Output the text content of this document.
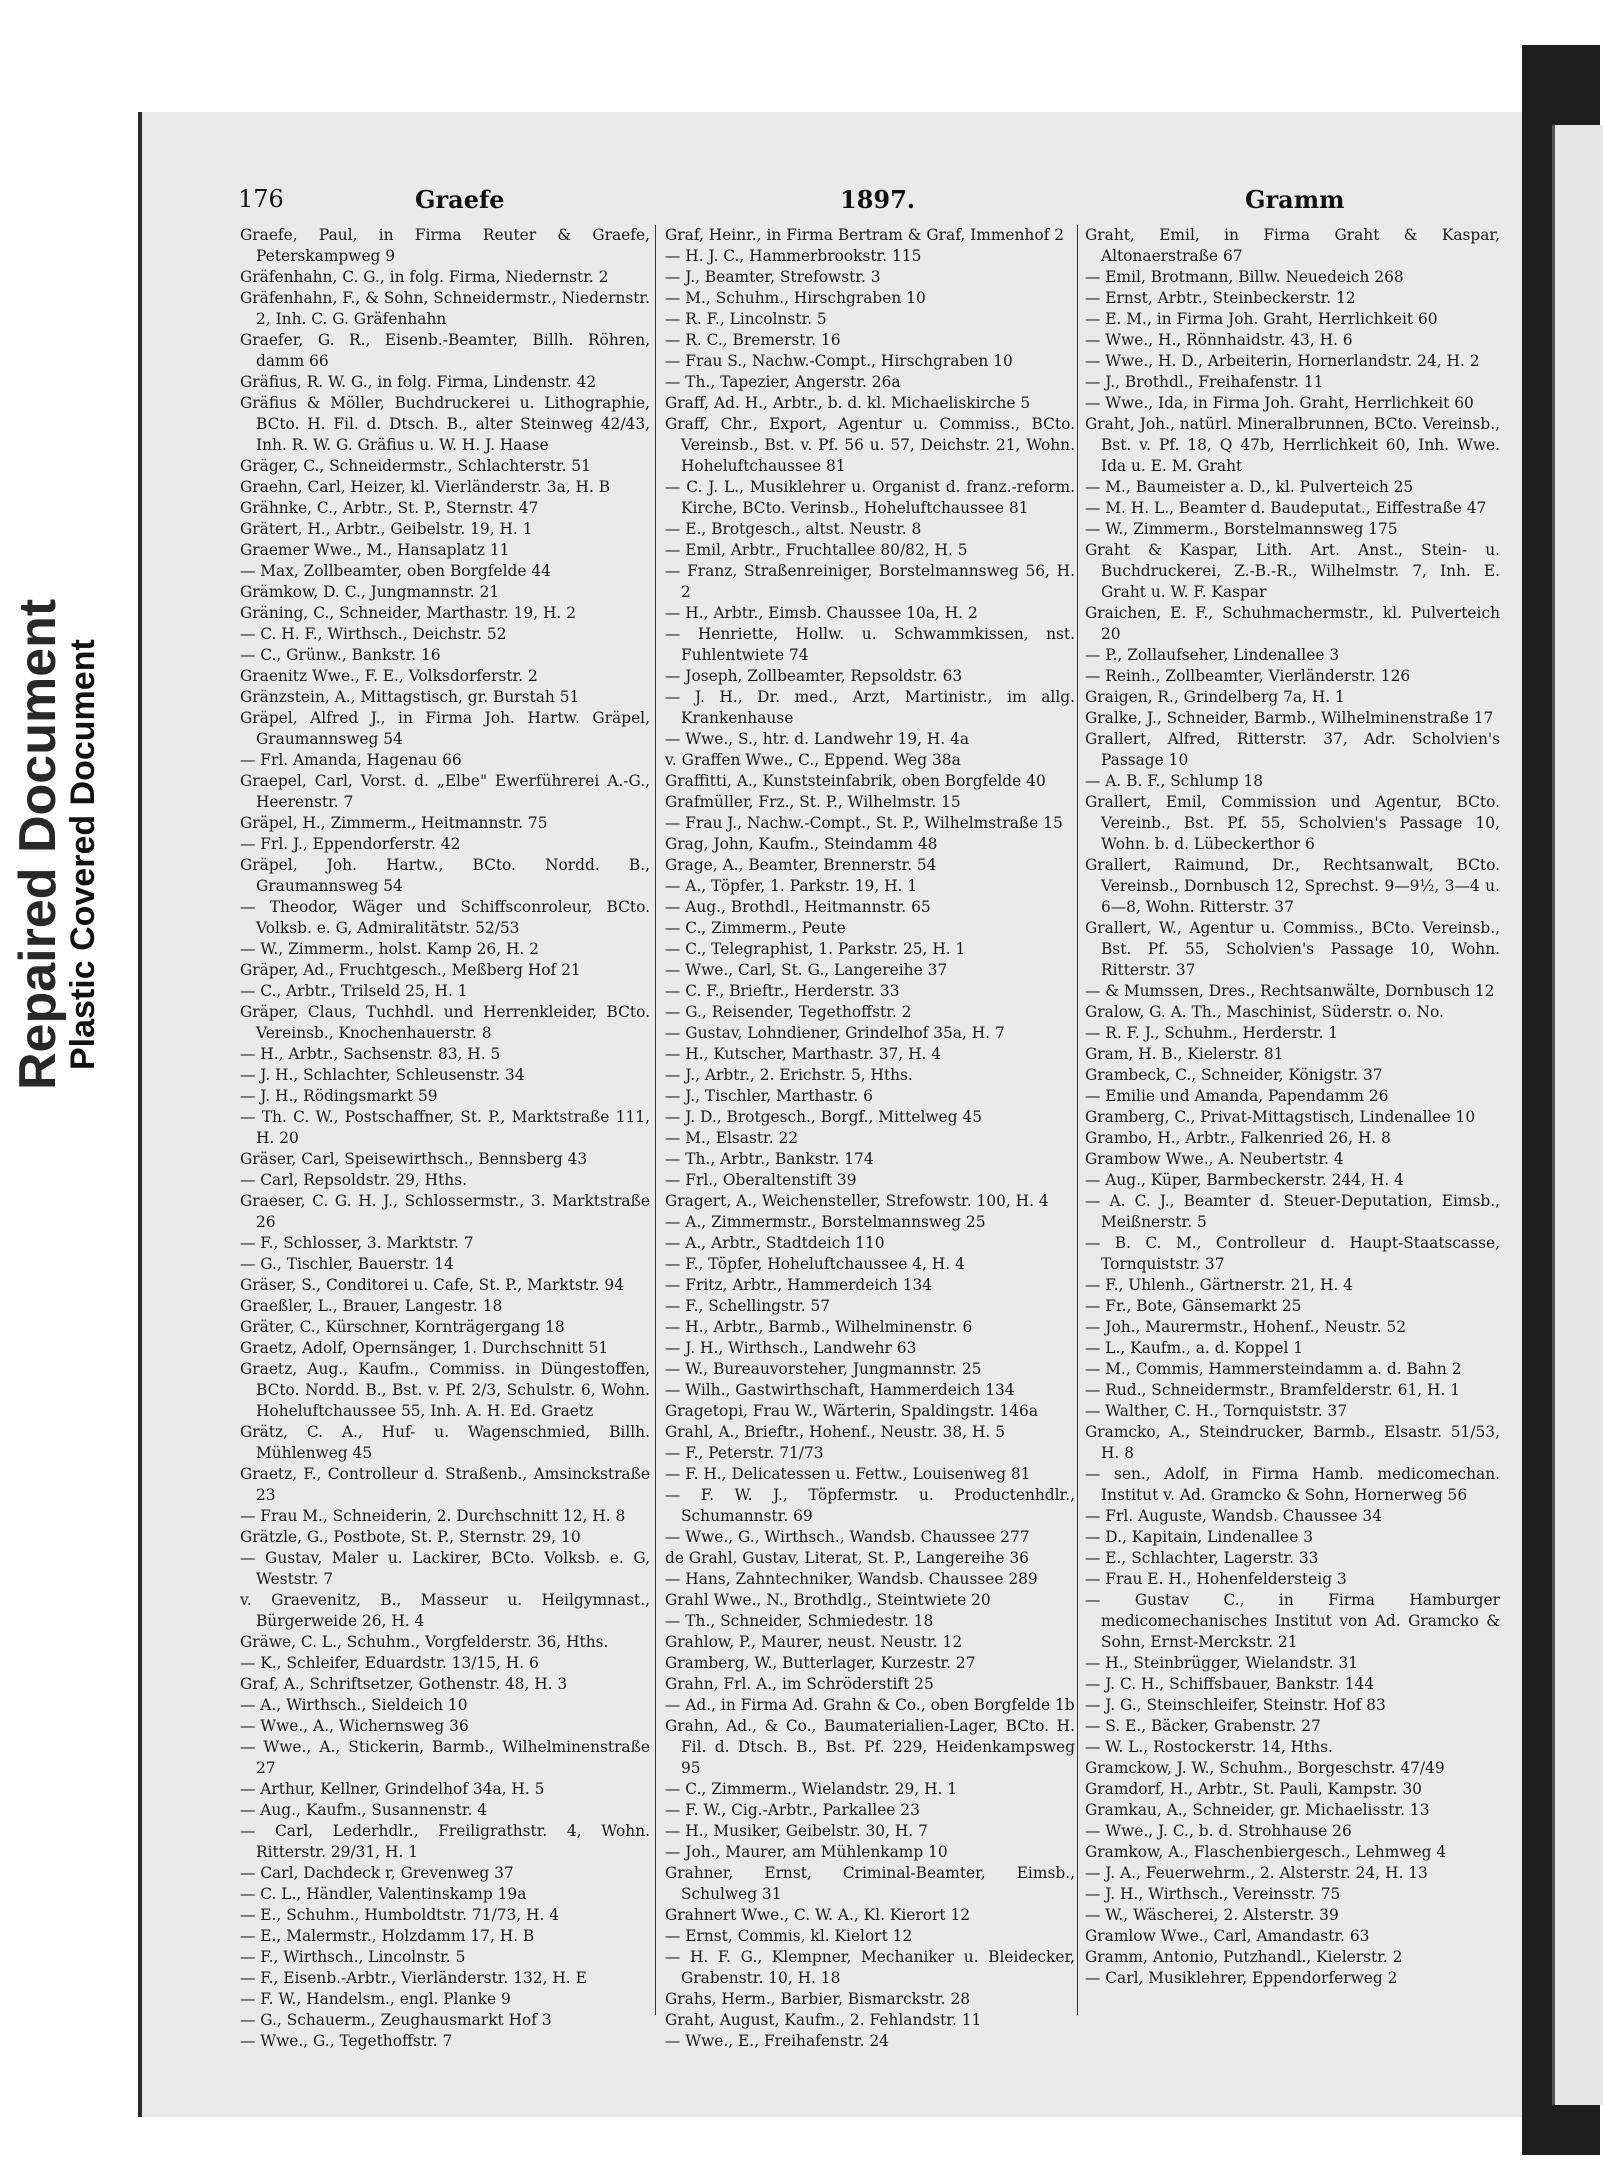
Repaired Document
Plastic Covered Document
176	Graefe	1897.	Gramm

Graefe, Paul, in Firma Reuter & Graefe, Peterskampweg 9

Gräfenhahn, C. G., in folg. Firma, Niedernstr. 2

Gräfenhahn, F., & Sohn, Schneidermstr., Niedernstr. 2, Inh. C. G. Gräfenhahn

Graefer, G. R., Eisenb.-Beamter, Billh. Röhren, damm 66

Gräfius, R. W. G., in folg. Firma, Lindenstr. 42

Gräfius & Möller, Buchdruckerei u. Lithographie, BCto. H. Fil. d. Dtsch. B., alter Steinweg 42/43, Inh. R. W. G. Gräfius u. W. H. J. Haase

Gräger, C., Schneidermstr., Schlachterstr. 51

Graehn, Carl, Heizer, kl. Vierländerstr. 3a, H. B

Grähnke, C., Arbtr., St. P., Sternstr. 47

Grätert, H., Arbtr., Geibelstr. 19, H. 1

Graemer Wwe., M., Hansaplatz 11

— Max, Zollbeamter, oben Borgfelde 44

Grämkow, D. C., Jungmannstr. 21

Gräning, C., Schneider, Marthastr. 19, H. 2

— C. H. F., Wirthsch., Deichstr. 52

— C., Grünw., Bankstr. 16

Graenitz Wwe., F. E., Volksdorferstr. 2

Gränzstein, A., Mittagstisch, gr. Burstah 51

Gräpel, Alfred J., in Firma Joh. Hartw. Gräpel, Graumannsweg 54

— Frl. Amanda, Hagenau 66

Graepel, Carl, Vorst. d. „Elbe" Ewerführerei A.-G., Heerenstr. 7

Gräpel, H., Zimmerm., Heitmannstr. 75

— Frl. J., Eppendorferstr. 42

Gräpel, Joh. Hartw., BCto. Nordd. B., Graumannsweg 54

— Theodor, Wäger und Schiffsconroleur, BCto. Volksb. e. G, Admiralitätstr. 52/53

— W., Zimmerm., holst. Kamp 26, H. 2

Gräper, Ad., Fruchtgesch., Meßberg Hof 21

— C., Arbtr., Trilseld 25, H. 1

Gräper, Claus, Tuchhdl. und Herrenkleider, BCto. Vereinsb., Knochenhauerstr. 8

— H., Arbtr., Sachsenstr. 83, H. 5

— J. H., Schlachter, Schleusenstr. 34

— J. H., Rödingsmarkt 59

— Th. C. W., Postschaffner, St. P., Marktstraße 111, H. 20

Gräser, Carl, Speisewirthsch., Bennsberg 43

— Carl, Repsoldstr. 29, Hths.

Graeser, C. G. H. J., Schlossermstr., 3. Marktstraße 26

— F., Schlosser, 3. Marktstr. 7

— G., Tischler, Bauerstr. 14

Gräser, S., Conditorei u. Cafe, St. P., Marktstr. 94

Graeßler, L., Brauer, Langestr. 18

Gräter, C., Kürschner, Kornträgergang 18

Graetz, Adolf, Opernsänger, 1. Durchschnitt 51

Graetz, Aug., Kaufm., Commiss. in Düngestoffen, BCto. Nordd. B., Bst. v. Pf. 2/3, Schulstr. 6, Wohn. Hoheluftchaussee 55, Inh. A. H. Ed. Graetz

Grätz, C. A., Huf- u. Wagenschmied, Billh. Mühlenweg 45

Graetz, F., Controlleur d. Straßenb., Amsinckstraße 23

— Frau M., Schneiderin, 2. Durchschnitt 12, H. 8

Grätzle, G., Postbote, St. P., Sternstr. 29, 10

— Gustav, Maler u. Lackirer, BCto. Volksb. e. G, Weststr. 7

v. Graevenitz, B., Masseur u. Heilgymnast., Bürgerweide 26, H. 4

Gräwe, C. L., Schuhm., Vorgfelderstr. 36, Hths.

— K., Schleifer, Eduardstr. 13/15, H. 6

Graf, A., Schriftsetzer, Gothenstr. 48, H. 3

— A., Wirthsch., Sieldeich 10

— Wwe., A., Wichernsweg 36

— Wwe., A., Stickerin, Barmb., Wilhelminenstraße 27

— Arthur, Kellner, Grindelhof 34a, H. 5

— Aug., Kaufm., Susannenstr. 4

— Carl, Lederhdlr., Freiligrathstr. 4, Wohn. Ritterstr. 29/31, H. 1

— Carl, Dachdeck r, Grevenweg 37

— C. L., Händler, Valentinskamp 19a

— E., Schuhm., Humboldtstr. 71/73, H. 4

— E., Malermstr., Holzdamm 17, H. B

— F., Wirthsch., Lincolnstr. 5

— F., Eisenb.-Arbtr., Vierländerstr. 132, H. E

— F. W., Handelsm., engl. Planke 9

— G., Schauerm., Zeughausmarkt Hof 3

— Wwe., G., Tegethoffstr. 7

Graf, Heinr., in Firma Bertram & Graf, Immenhof 2

— H. J. C., Hammerbrookstr. 115

— J., Beamter, Strefowstr. 3

— M., Schuhm., Hirschgraben 10

— R. F., Lincolnstr. 5

— R. C., Bremerstr. 16

— Frau S., Nachw.-Compt., Hirschgraben 10

— Th., Tapezier, Angerstr. 26a

Graff, Ad. H., Arbtr., b. d. kl. Michaeliskirche 5

Graff, Chr., Export, Agentur u. Commiss., BCto. Vereinsb., Bst. v. Pf. 56 u. 57, Deichstr. 21, Wohn. Hoheluftchaussee 81

— C. J. L., Musiklehrer u. Organist d. franz.-reform. Kirche, BCto. Verinsb., Hoheluftchaussee 81

— E., Brotgesch., altst. Neustr. 8

— Emil, Arbtr., Fruchtallee 80/82, H. 5

— Franz, Straßenreiniger, Borstelmannsweg 56, H. 2

— H., Arbtr., Eimsb. Chaussee 10a, H. 2

— Henriette, Hollw. u. Schwammkissen, nst. Fuhlentwiete 74

— Joseph, Zollbeamter, Repsoldstr. 63

— J. H., Dr. med., Arzt, Martinistr., im allg. Krankenhause

— Wwe., S., htr. d. Landwehr 19, H. 4a

v. Graffen Wwe., C., Eppend. Weg 38a

Graffitti, A., Kunststeinfabrik, oben Borgfelde 40

Grafmüller, Frz., St. P., Wilhelmstr. 15

— Frau J., Nachw.-Compt., St. P., Wilhelmstraße 15

Grag, John, Kaufm., Steindamm 48

Grage, A., Beamter, Brennerstr. 54

— A., Töpfer, 1. Parkstr. 19, H. 1

— Aug., Brothdl., Heitmannstr. 65

— C., Zimmerm., Peute

— C., Telegraphist, 1. Parkstr. 25, H. 1

— Wwe., Carl, St. G., Langereihe 37

— C. F., Brieftr., Herderstr. 33

— G., Reisender, Tegethoffstr. 2

— Gustav, Lohndiener, Grindelhof 35a, H. 7

— H., Kutscher, Marthastr. 37, H. 4

— J., Arbtr., 2. Erichstr. 5, Hths.

— J., Tischler, Marthastr. 6

— J. D., Brotgesch., Borgf., Mittelweg 45

— M., Elsastr. 22

— Th., Arbtr., Bankstr. 174

— Frl., Oberaltenstift 39

Gragert, A., Weichensteller, Strefowstr. 100, H. 4

— A., Zimmermstr., Borstelmannsweg 25

— A., Arbtr., Stadtdeich 110

— F., Töpfer, Hoheluftchaussee 4, H. 4

— Fritz, Arbtr., Hammerdeich 134

— F., Schellingstr. 57

— H., Arbtr., Barmb., Wilhelminenstr. 6

— J. H., Wirthsch., Landwehr 63

— W., Bureauvorsteher, Jungmannstr. 25

— Wilh., Gastwirthschaft, Hammerdeich 134

Gragetopi, Frau W., Wärterin, Spaldingstr. 146a

Grahl, A., Brieftr., Hohenf., Neustr. 38, H. 5

— F., Peterstr. 71/73

— F. H., Delicatessen u. Fettw., Louisenweg 81

— F. W. J., Töpfermstr. u. Productenhdlr., Schumannstr. 69

— Wwe., G., Wirthsch., Wandsb. Chaussee 277

de Grahl, Gustav, Literat, St. P., Langereihe 36

— Hans, Zahntechniker, Wandsb. Chaussee 289

Grahl Wwe., N., Brothdlg., Steintwiete 20

— Th., Schneider, Schmiedestr. 18

Grahlow, P., Maurer, neust. Neustr. 12

Gramberg, W., Butterlager, Kurzestr. 27

Grahn, Frl. A., im Schröderstift 25

— Ad., in Firma Ad. Grahn & Co., oben Borgfelde 1b

Grahn, Ad., & Co., Baumaterialien-Lager, BCto. H. Fil. d. Dtsch. B., Bst. Pf. 229, Heidenkampsweg 95

— C., Zimmerm., Wielandstr. 29, H. 1

— F. W., Cig.-Arbtr., Parkallee 23

— H., Musiker, Geibelstr. 30, H. 7

— Joh., Maurer, am Mühlenkamp 10

Grahner, Ernst, Criminal-Beamter, Eimsb., Schulweg 31

Grahnert Wwe., C. W. A., Kl. Kierort 12

— Ernst, Commis, kl. Kielort 12

— H. F. G., Klempner, Mechaniker u. Bleidecker, Grabenstr. 10, H. 18

Grahs, Herm., Barbier, Bismarckstr. 28

Graht, August, Kaufm., 2. Fehlandstr. 11

— Wwe., E., Freihafenstr. 24

Graht, Emil, in Firma Graht & Kaspar, Altonaerstraße 67

— Emil, Brotmann, Billw. Neuedeich 268

— Ernst, Arbtr., Steinbeckerstr. 12

— E. M., in Firma Joh. Graht, Herrlichkeit 60

— Wwe., H., Rönnhaidstr. 43, H. 6

— Wwe., H. D., Arbeiterin, Hornerlandstr. 24, H. 2

— J., Brothdl., Freihafenstr. 11

— Wwe., Ida, in Firma Joh. Graht, Herrlichkeit 60

Graht, Joh., natürl. Mineralbrunnen, BCto. Vereinsb., Bst. v. Pf. 18, Q 47b, Herrlichkeit 60, Inh. Wwe. Ida u. E. M. Graht

— M., Baumeister a. D., kl. Pulverteich 25

— M. H. L., Beamter d. Baudeputat., Eiffestraße 47

— W., Zimmerm., Borstelmannsweg 175

Graht & Kaspar, Lith. Art. Anst., Stein- u. Buchdruckerei, Z.-B.-R., Wilhelmstr. 7, Inh. E. Graht u. W. F. Kaspar

Graichen, E. F., Schuhmachermstr., kl. Pulverteich 20

— P., Zollaufseher, Lindenallee 3

— Reinh., Zollbeamter, Vierländerstr. 126

Graigen, R., Grindelberg 7a, H. 1

Gralke, J., Schneider, Barmb., Wilhelminenstraße 17

Grallert, Alfred, Ritterstr. 37, Adr. Scholvien's Passage 10

— A. B. F., Schlump 18

Grallert, Emil, Commission und Agentur, BCto. Vereinb., Bst. Pf. 55, Scholvien's Passage 10, Wohn. b. d. Lübeckerthor 6

Grallert, Raimund, Dr., Rechtsanwalt, BCto. Vereinsb., Dornbusch 12, Sprechst. 9—9½, 3—4 u. 6—8, Wohn. Ritterstr. 37

Grallert, W., Agentur u. Commiss., BCto. Vereinsb., Bst. Pf. 55, Scholvien's Passage 10, Wohn. Ritterstr. 37

— & Mumssen, Dres., Rechtsanwälte, Dornbusch 12

Gralow, G. A. Th., Maschinist, Süderstr. o. No.

— R. F. J., Schuhm., Herderstr. 1

Gram, H. B., Kielerstr. 81

Grambeck, C., Schneider, Königstr. 37

— Emilie und Amanda, Papendamm 26

Gramberg, C., Privat-Mittagstisch, Lindenallee 10

Grambo, H., Arbtr., Falkenried 26, H. 8

Grambow Wwe., A. Neubertstr. 4

— Aug., Küper, Barmbeckerstr. 244, H. 4

— A. C. J., Beamter d. Steuer-Deputation, Eimsb., Meißnerstr. 5

— B. C. M., Controlleur d. Haupt-Staatscasse, Tornquiststr. 37

— F., Uhlenh., Gärtnerstr. 21, H. 4

— Fr., Bote, Gänsemarkt 25

— Joh., Maurermstr., Hohenf., Neustr. 52

— L., Kaufm., a. d. Koppel 1

— M., Commis, Hammersteindamm a. d. Bahn 2

— Rud., Schneidermstr., Bramfelderstr. 61, H. 1

— Walther, C. H., Tornquiststr. 37

Gramcko, A., Steindrucker, Barmb., Elsastr. 51/53, H. 8

— sen., Adolf, in Firma Hamb. medicomechan. Institut v. Ad. Gramcko & Sohn, Hornerweg 56

— Frl. Auguste, Wandsb. Chaussee 34

— D., Kapitain, Lindenallee 3

— E., Schlachter, Lagerstr. 33

— Frau E. H., Hohenfeldersteig 3

— Gustav C., in Firma Hamburger medicomechanisches Institut von Ad. Gramcko & Sohn, Ernst-Merckstr. 21

— H., Steinbrügger, Wielandstr. 31

— J. C. H., Schiffsbauer, Bankstr. 144

— J. G., Steinschleifer, Steinstr. Hof 83

— S. E., Bäcker, Grabenstr. 27

— W. L., Rostockerstr. 14, Hths.

Gramckow, J. W., Schuhm., Borgeschstr. 47/49

Gramdorf, H., Arbtr., St. Pauli, Kampstr. 30

Gramkau, A., Schneider, gr. Michaelisstr. 13

— Wwe., J. C., b. d. Strohhause 26

Gramkow, A., Flaschenbiergesch., Lehmweg 4

— J. A., Feuerwehrm., 2. Alsterstr. 24, H. 13

— J. H., Wirthsch., Vereinsstr. 75

— W., Wäscherei, 2. Alsterstr. 39

Gramlow Wwe., Carl, Amandastr. 63

Gramm, Antonio, Putzhandl., Kielerstr. 2

— Carl, Musiklehrer, Eppendorferweg 2
